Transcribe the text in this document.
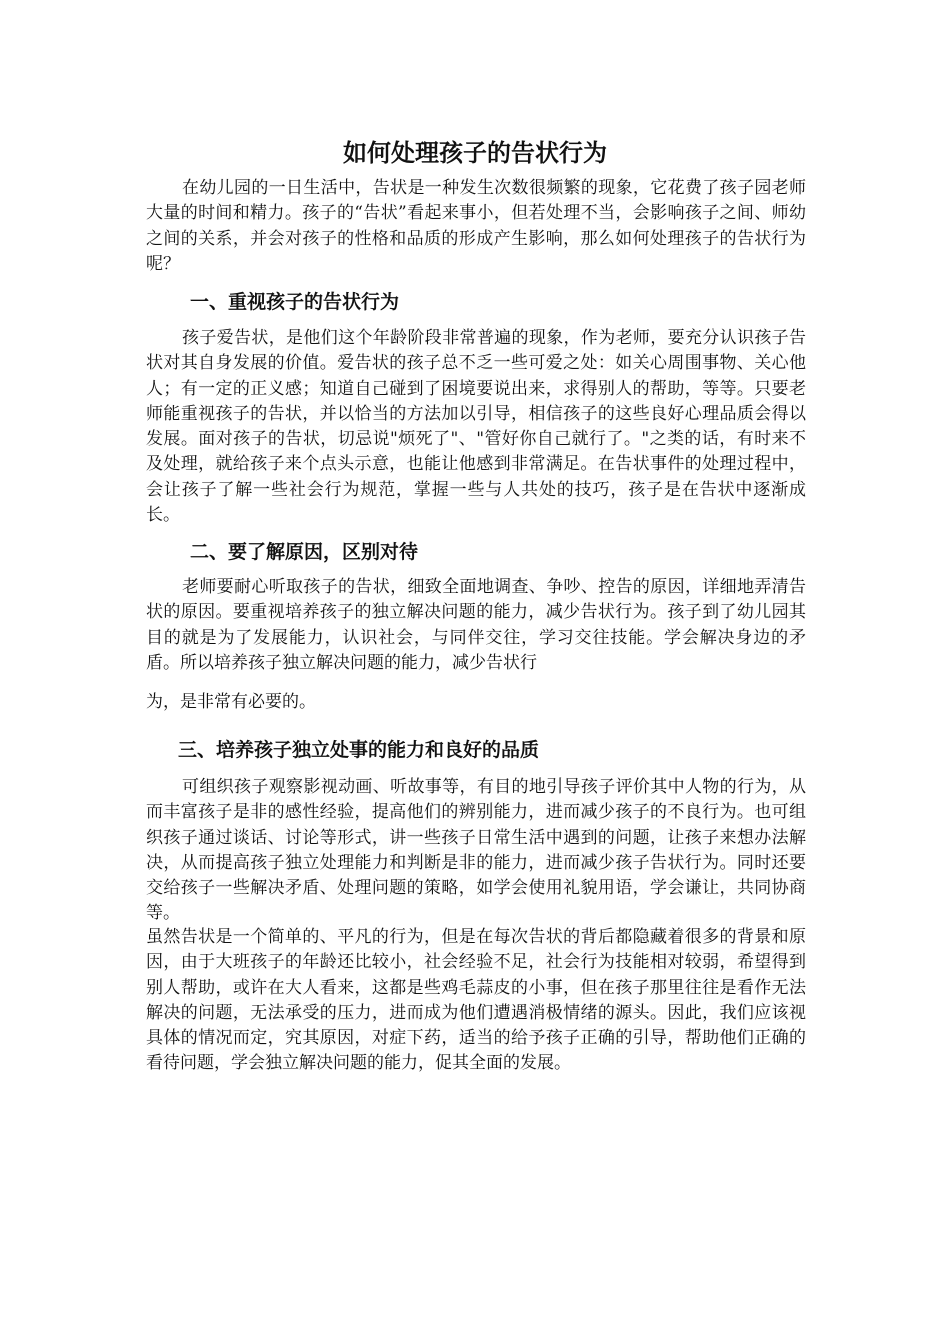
如何处理孩子的告状行为

在幼儿园的一日生活中，告状是一种发生次数很频繁的现象，它花费了孩子园老师大量的时间和精力。孩子的“告状”看起来事小，但若处理不当，会影响孩子之间、师幼之间的关系，并会对孩子的性格和品质的形成产生影响，那么如何处理孩子的告状行为呢？

一、重视孩子的告状行为

孩子爱告状，是他们这个年龄阶段非常普遍的现象，作为老师，要充分认识孩子告状对其自身发展的价值。爱告状的孩子总不乏一些可爱之处：如关心周围事物、关心他人；有一定的正义感；知道自己碰到了困境要说出来，求得别人的帮助，等等。只要老师能重视孩子的告状，并以恰当的方法加以引导，相信孩子的这些良好心理品质会得以发展。面对孩子的告状，切忌说"烦死了"、"管好你自己就行了。"之类的话，有时来不及处理，就给孩子来个点头示意，也能让他感到非常满足。在告状事件的处理过程中，会让孩子了解一些社会行为规范，掌握一些与人共处的技巧，孩子是在告状中逐渐成长。

二、要了解原因，区别对待

老师要耐心听取孩子的告状，细致全面地调查、争吵、控告的原因，详细地弄清告状的原因。要重视培养孩子的独立解决问题的能力，减少告状行为。孩子到了幼儿园其目的就是为了发展能力，认识社会，与同伴交往，学习交往技能。学会解决身边的矛盾。所以培养孩子独立解决问题的能力，减少告状行

为，是非常有必要的。

三、培养孩子独立处事的能力和良好的品质

可组织孩子观察影视动画、听故事等，有目的地引导孩子评价其中人物的行为，从而丰富孩子是非的感性经验，提高他们的辨别能力，进而减少孩子的不良行为。也可组织孩子通过谈话、讨论等形式，讲一些孩子日常生活中遇到的问题，让孩子来想办法解决，从而提高孩子独立处理能力和判断是非的能力，进而减少孩子告状行为。同时还要交给孩子一些解决矛盾、处理问题的策略，如学会使用礼貌用语，学会谦让，共同协商等。

虽然告状是一个简单的、平凡的行为，但是在每次告状的背后都隐藏着很多的背景和原因，由于大班孩子的年龄还比较小，社会经验不足，社会行为技能相对较弱，希望得到别人帮助，或许在大人看来，这都是些鸡毛蒜皮的小事，但在孩子那里往往是看作无法解决的问题，无法承受的压力，进而成为他们遭遇消极情绪的源头。因此，我们应该视具体的情况而定，究其原因，对症下药，适当的给予孩子正确的引导，帮助他们正确的看待问题，学会独立解决问题的能力，促其全面的发展。
